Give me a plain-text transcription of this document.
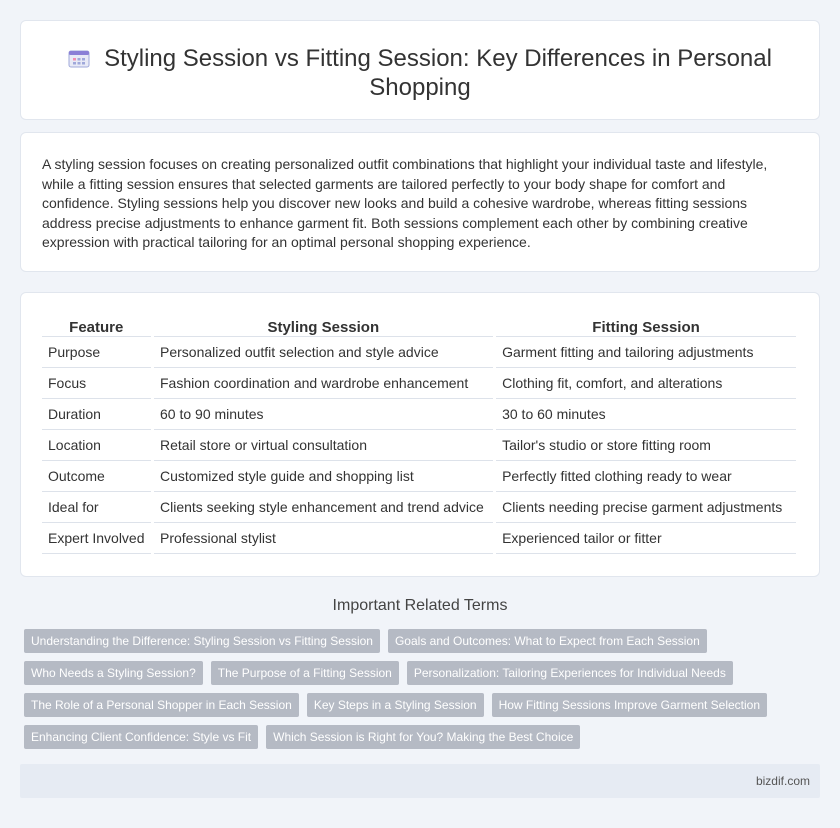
Styling Session vs Fitting Session: Key Differences in Personal Shopping

A styling session focuses on creating personalized outfit combinations that highlight your individual taste and lifestyle, while a fitting session ensures that selected garments are tailored perfectly to your body shape for comfort and confidence. Styling sessions help you discover new looks and build a cohesive wardrobe, whereas fitting sessions address precise adjustments to enhance garment fit. Both sessions complement each other by combining creative expression with practical tailoring for an optimal personal shopping experience.

Feature		Styling Session		Fitting Session
Purpose		Personalized outfit selection and style advice		Garment fitting and tailoring adjustments
Focus		Fashion coordination and wardrobe enhancement		Clothing fit, comfort, and alterations
Duration		60 to 90 minutes		30 to 60 minutes
Location		Retail store or virtual consultation		Tailor's studio or store fitting room
Outcome		Customized style guide and shopping list		Perfectly fitted clothing ready to wear
Ideal for		Clients seeking style enhancement and trend advice		Clients needing precise garment adjustments
Expert Involved		Professional stylist		Experienced tailor or fitter
Important Related Terms
Understanding the Difference: Styling Session vs Fitting Session	Goals and Outcomes: What to Expect from Each Session
Who Needs a Styling Session?	The Purpose of a Fitting Session	Personalization: Tailoring Experiences for Individual Needs
The Role of a Personal Shopper in Each Session	Key Steps in a Styling Session	How Fitting Sessions Improve Garment Selection
Enhancing Client Confidence: Style vs Fit	Which Session is Right for You? Making the Best Choice
bizdif.com
